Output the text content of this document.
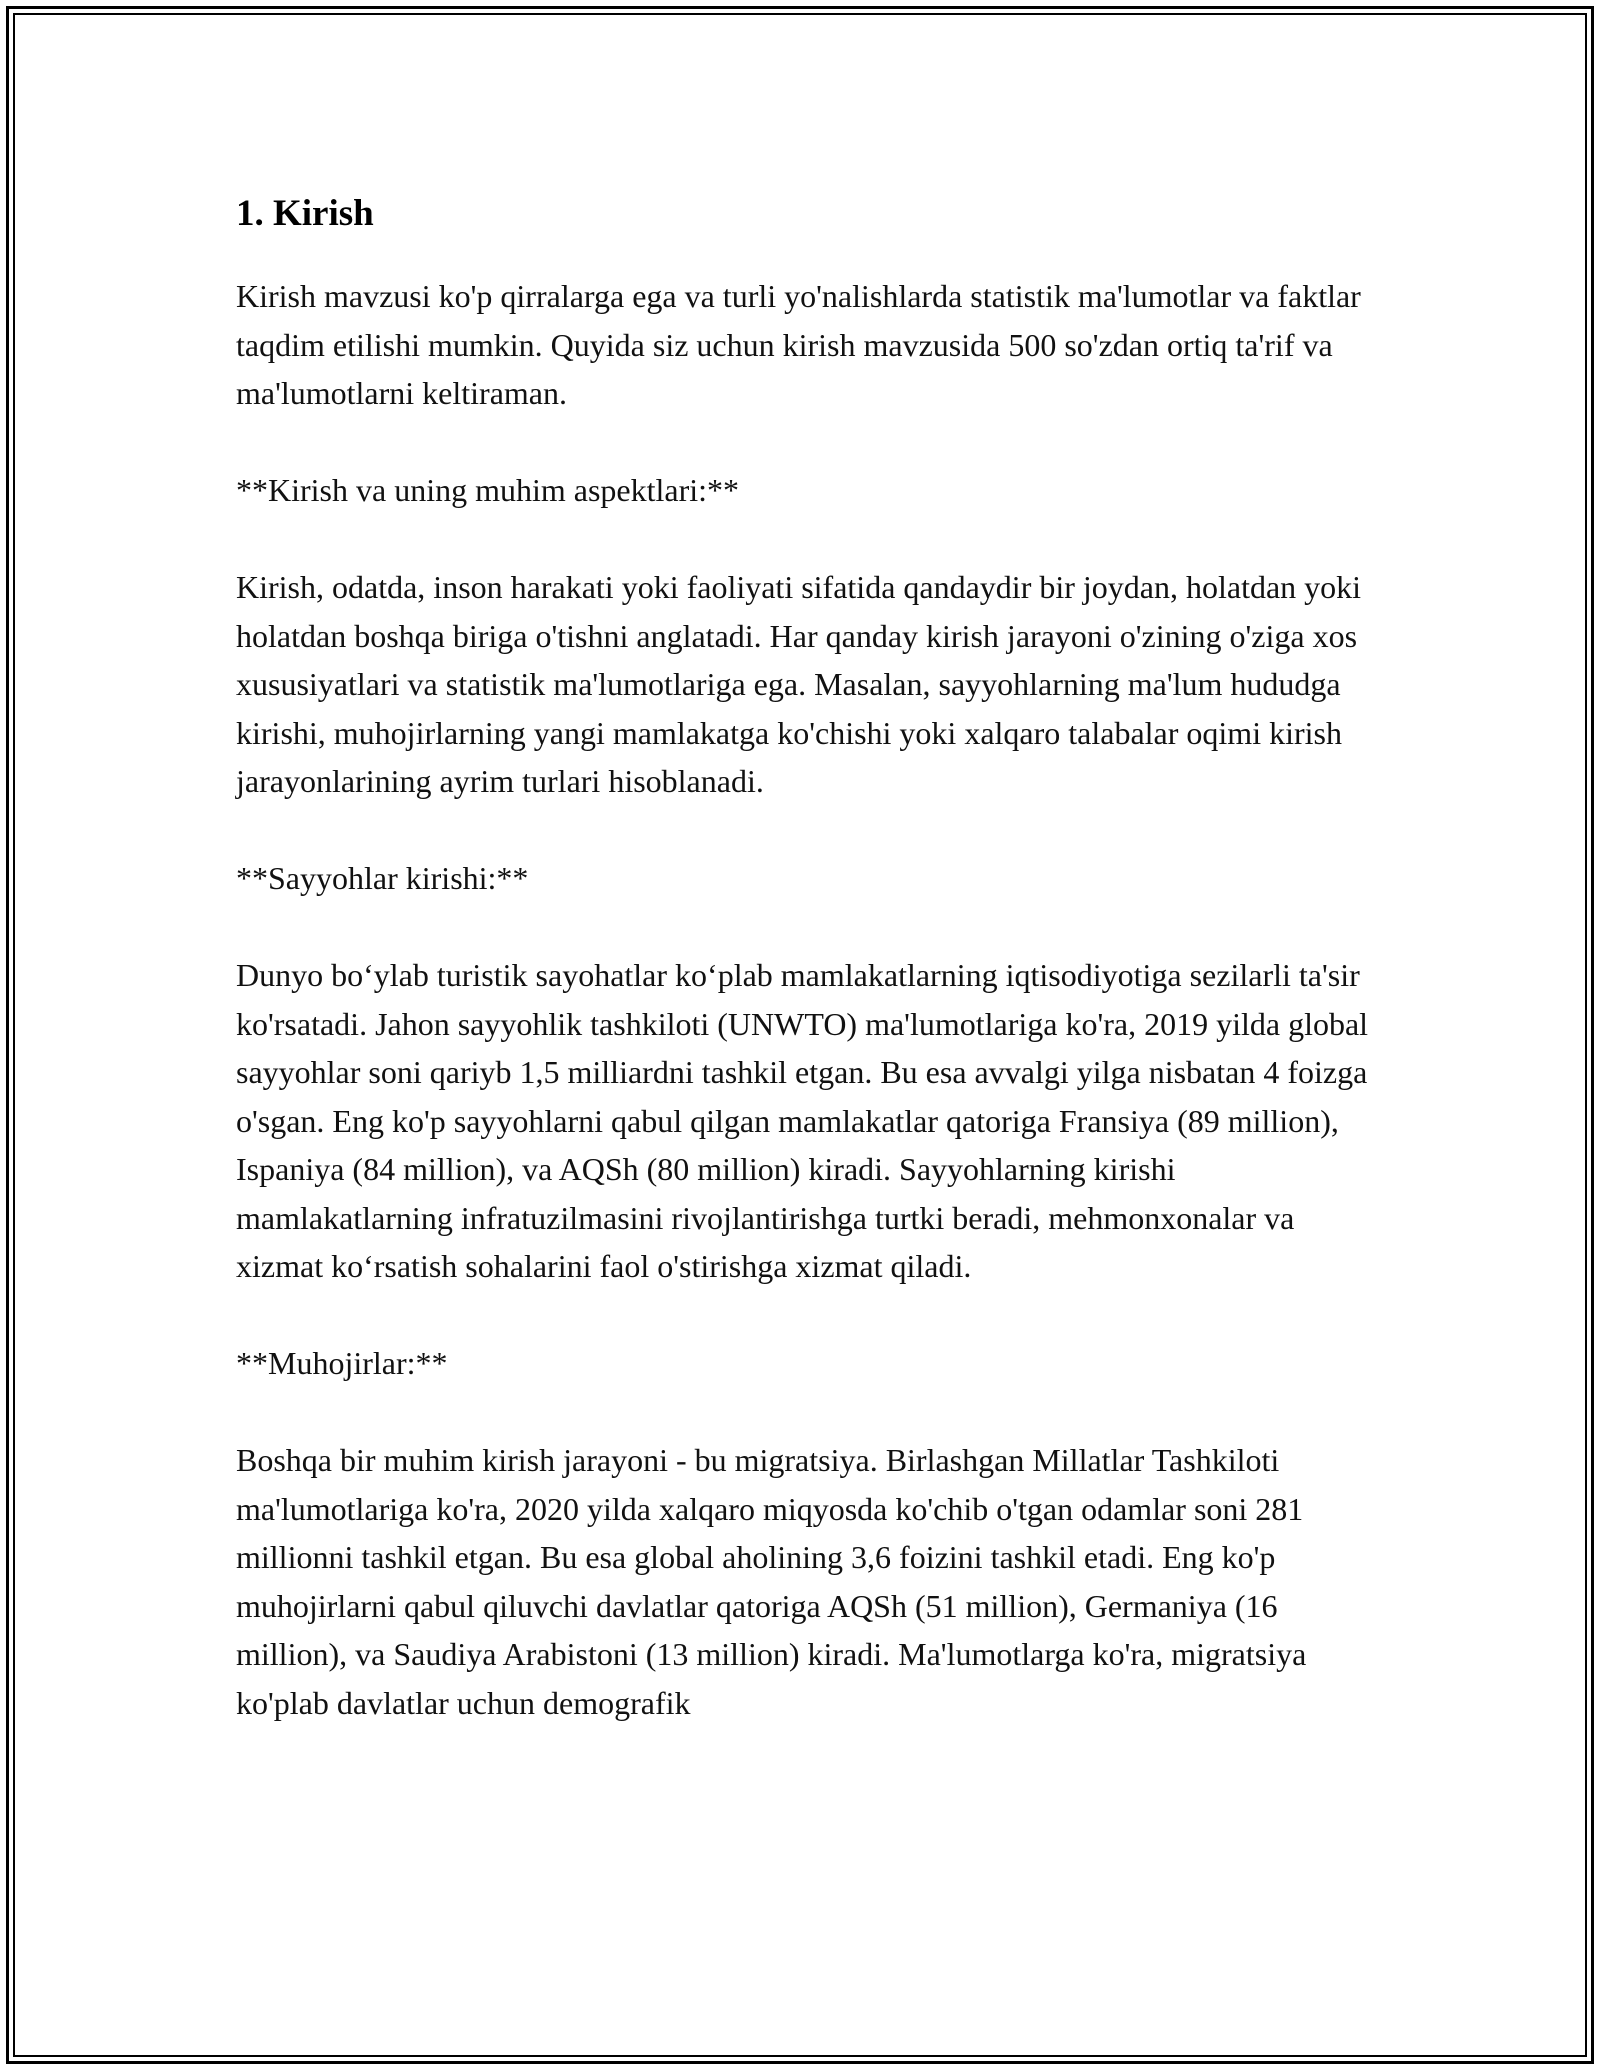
1. Kirish

Kirish mavzusi ko'p qirralarga ega va turli yo'nalishlarda statistik ma'lumotlar va faktlar taqdim etilishi mumkin. Quyida siz uchun kirish mavzusida 500 so'zdan ortiq ta'rif va ma'lumotlarni keltiraman.

**Kirish va uning muhim aspektlari:**

Kirish, odatda, inson harakati yoki faoliyati sifatida qandaydir bir joydan, holatdan yoki holatdan boshqa biriga o'tishni anglatadi. Har qanday kirish jarayoni o'zining o'ziga xos xususiyatlari va statistik ma'lumotlariga ega. Masalan, sayyohlarning ma'lum hududga kirishi, muhojirlarning yangi mamlakatga ko'chishi yoki xalqaro talabalar oqimi kirish jarayonlarining ayrim turlari hisoblanadi.

**Sayyohlar kirishi:**

Dunyo boʻylab turistik sayohatlar koʻplab mamlakatlarning iqtisodiyotiga sezilarli ta'sir ko'rsatadi. Jahon sayyohlik tashkiloti (UNWTO) ma'lumotlariga ko'ra, 2019 yilda global sayyohlar soni qariyb 1,5 milliardni tashkil etgan. Bu esa avvalgi yilga nisbatan 4 foizga o'sgan. Eng ko'p sayyohlarni qabul qilgan mamlakatlar qatoriga Fransiya (89 million), Ispaniya (84 million), va AQSh (80 million) kiradi. Sayyohlarning kirishi mamlakatlarning infratuzilmasini rivojlantirishga turtki beradi, mehmonxonalar va xizmat koʻrsatish sohalarini faol o'stirishga xizmat qiladi.

**Muhojirlar:**

Boshqa bir muhim kirish jarayoni - bu migratsiya. Birlashgan Millatlar Tashkiloti ma'lumotlariga ko'ra, 2020 yilda xalqaro miqyosda ko'chib o'tgan odamlar soni 281 millionni tashkil etgan. Bu esa global aholining 3,6 foizini tashkil etadi. Eng ko'p muhojirlarni qabul qiluvchi davlatlar qatoriga AQSh (51 million), Germaniya (16 million), va Saudiya Arabistoni (13 million) kiradi. Ma'lumotlarga ko'ra, migratsiya ko'plab davlatlar uchun demografik
